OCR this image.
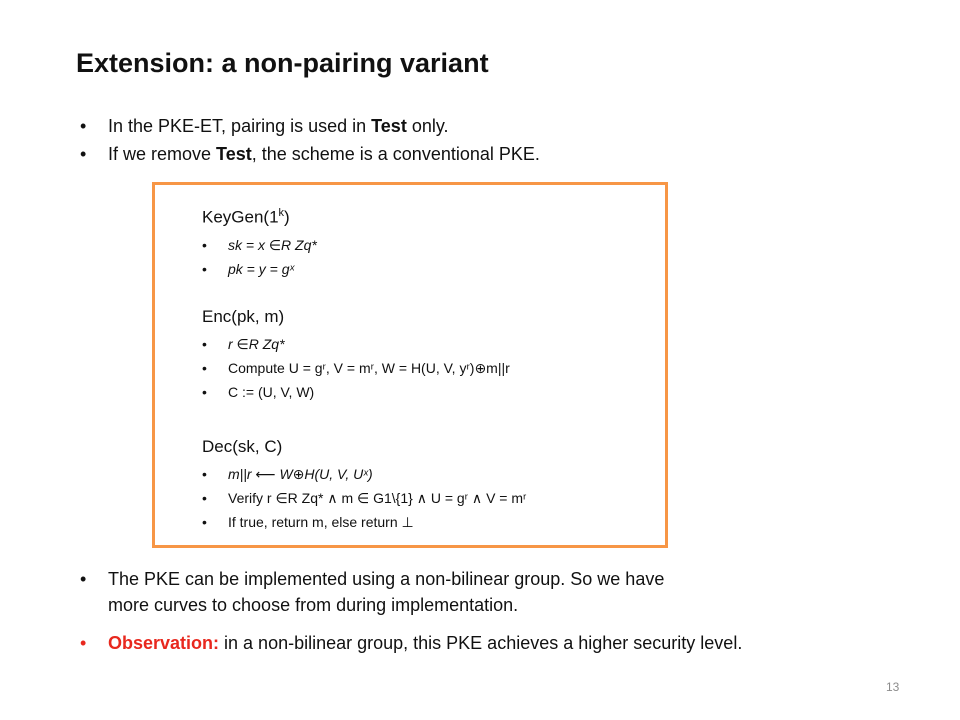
Extension: a non-pairing variant
• In the PKE-ET, pairing is used in Test only.
• If we remove Test, the scheme is a conventional PKE.
KeyGen(1$^k$)
• sk = x ∈R Zq*
• pk = y = gˣ
Enc(pk, m)
• r ∈R Zq*
• Compute U = gʳ, V = mʳ, W = H(U, V, yʳ)⊕m||r
• C := (U, V, W)
Dec(sk, C)
• m||r ⟵ W⊕H(U, V, Uˣ)
• Verify r ∈R Zq* ∧ m ∈ G1\{1} ∧ U = gʳ ∧ V = mʳ
• If true, return m, else return ⊥
• The PKE can be implemented using a non-bilinear group. So we have
more curves to choose from during implementation.
• Observation: in a non-bilinear group, this PKE achieves a higher security level.
13
